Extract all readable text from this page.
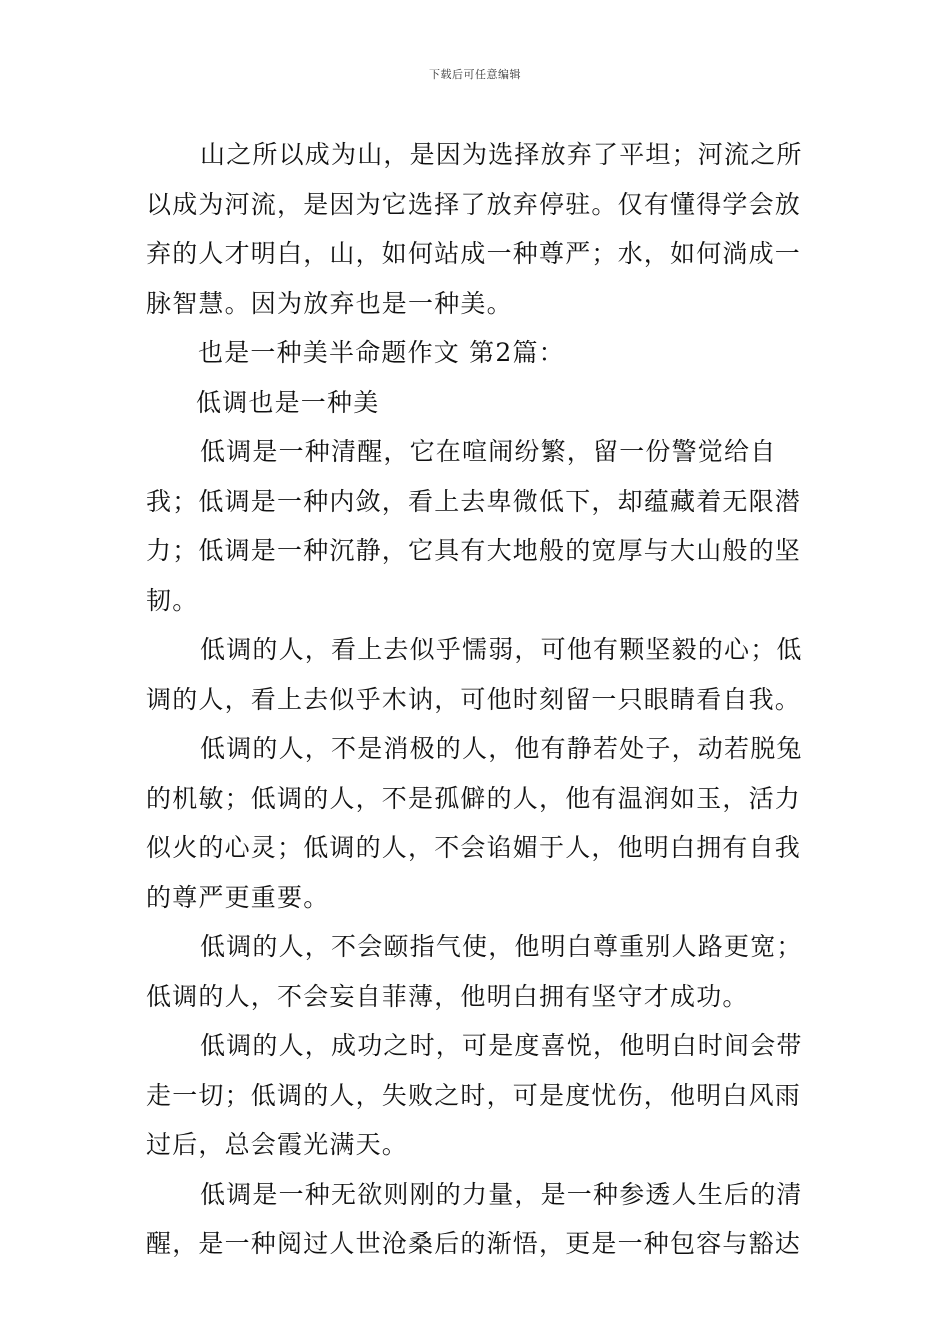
下载后可任意编辑

山之所以成为山，是因为选择放弃了平坦；河流之所以成为河流，是因为它选择了放弃停驻。仅有懂得学会放弃的人才明白，山，如何站成一种尊严；水，如何淌成一脉智慧。因为放弃也是一种美。

也是一种美半命题作文 第2篇：

低调也是一种美

低调是一种清醒，它在喧闹纷繁，留一份警觉给自我；低调是一种内敛，看上去卑微低下，却蕴藏着无限潜力；低调是一种沉静，它具有大地般的宽厚与大山般的坚韧。

低调的人，看上去似乎懦弱，可他有颗坚毅的心；低调的人，看上去似乎木讷，可他时刻留一只眼睛看自我。

低调的人，不是消极的人，他有静若处子，动若脱兔的机敏；低调的人，不是孤僻的人，他有温润如玉，活力似火的心灵；低调的人，不会谄媚于人，他明白拥有自我的尊严更重要。

低调的人，不会颐指气使，他明白尊重别人路更宽；低调的人，不会妄自菲薄，他明白拥有坚守才成功。

低调的人，成功之时，可是度喜悦，他明白时间会带走一切；低调的人，失败之时，可是度忧伤，他明白风雨过后，总会霞光满天。

低调是一种无欲则刚的力量，是一种参透人生后的清醒，是一种阅过人世沧桑后的渐悟，更是一种包容与豁达
